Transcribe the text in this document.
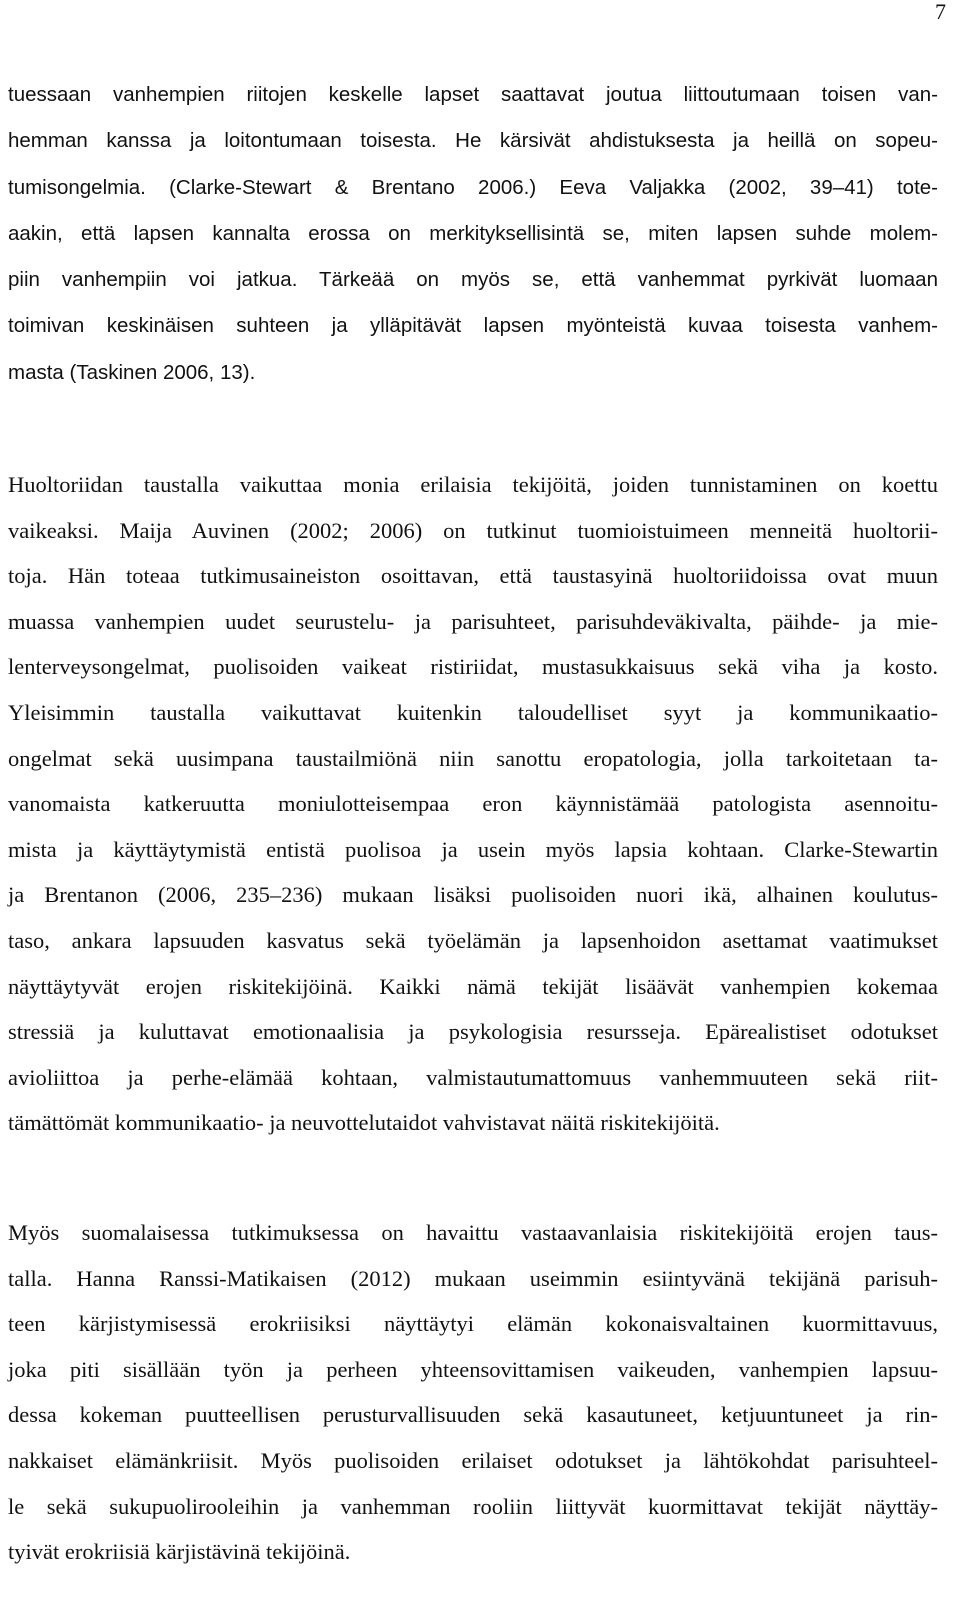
7
tuessaan vanhempien riitojen keskelle lapset saattavat joutua liittoutumaan toisen van-
hemman kanssa ja loitontumaan toisesta. He kärsivät ahdistuksesta ja heillä on sopeu-
tumisongelmia. (Clarke-Stewart & Brentano 2006.) Eeva Valjakka (2002, 39–41) tote-
aakin, että lapsen kannalta erossa on merkityksellisintä se, miten lapsen suhde molem-
piin vanhempiin voi jatkua. Tärkeää on myös se, että vanhemmat pyrkivät luomaan
toimivan keskinäisen suhteen ja ylläpitävät lapsen myönteistä kuvaa toisesta vanhem-
masta (Taskinen 2006, 13).
Huoltoriidan taustalla vaikuttaa monia erilaisia tekijöitä, joiden tunnistaminen on koettu
vaikeaksi. Maija Auvinen (2002; 2006) on tutkinut tuomioistuimeen menneitä huoltorii-
toja. Hän toteaa tutkimusaineiston osoittavan, että taustasyinä huoltoriidoissa ovat muun
muassa vanhempien uudet seurustelu- ja parisuhteet, parisuhdeväkivalta, päihde- ja mie-
lenterveysongelmat, puolisoiden vaikeat ristiriidat, mustasukkaisuus sekä viha ja kosto.
Yleisimmin taustalla vaikuttavat kuitenkin taloudelliset syyt ja kommunikaatio-
ongelmat sekä uusimpana taustailmiönä niin sanottu eropatologia, jolla tarkoitetaan ta-
vanomaista katkeruutta moniulotteisempaa eron käynnistämää patologista asennoitu-
mista ja käyttäytymistä entistä puolisoa ja usein myös lapsia kohtaan. Clarke-Stewartin
ja Brentanon (2006, 235–236) mukaan lisäksi puolisoiden nuori ikä, alhainen koulutus-
taso, ankara lapsuuden kasvatus sekä työelämän ja lapsenhoidon asettamat vaatimukset
näyttäytyvät erojen riskitekijöinä. Kaikki nämä tekijät lisäävät vanhempien kokemaa
stressiä ja kuluttavat emotionaalisia ja psykologisia resursseja. Epärealistiset odotukset
avioliittoa ja perhe-elämää kohtaan, valmistautumattomuus vanhemmuuteen sekä riit-
tämättömät kommunikaatio- ja neuvottelutaidot vahvistavat näitä riskitekijöitä.
Myös suomalaisessa tutkimuksessa on havaittu vastaavanlaisia riskitekijöitä erojen taus-
talla. Hanna Ranssi-Matikaisen (2012) mukaan useimmin esiintyvänä tekijänä parisuh-
teen kärjistymisessä erokriisiksi näyttäytyi elämän kokonaisvaltainen kuormittavuus,
joka piti sisällään työn ja perheen yhteensovittamisen vaikeuden, vanhempien lapsuu-
dessa kokeman puutteellisen perusturvallisuuden sekä kasautuneet, ketjuuntuneet ja rin-
nakkaiset elämänkriisit. Myös puolisoiden erilaiset odotukset ja lähtökohdat parisuhteel-
le sekä sukupuolirooleihin ja vanhemman rooliin liittyvät kuormittavat tekijät näyttäy-
tyivät erokriisiä kärjistävinä tekijöinä.
